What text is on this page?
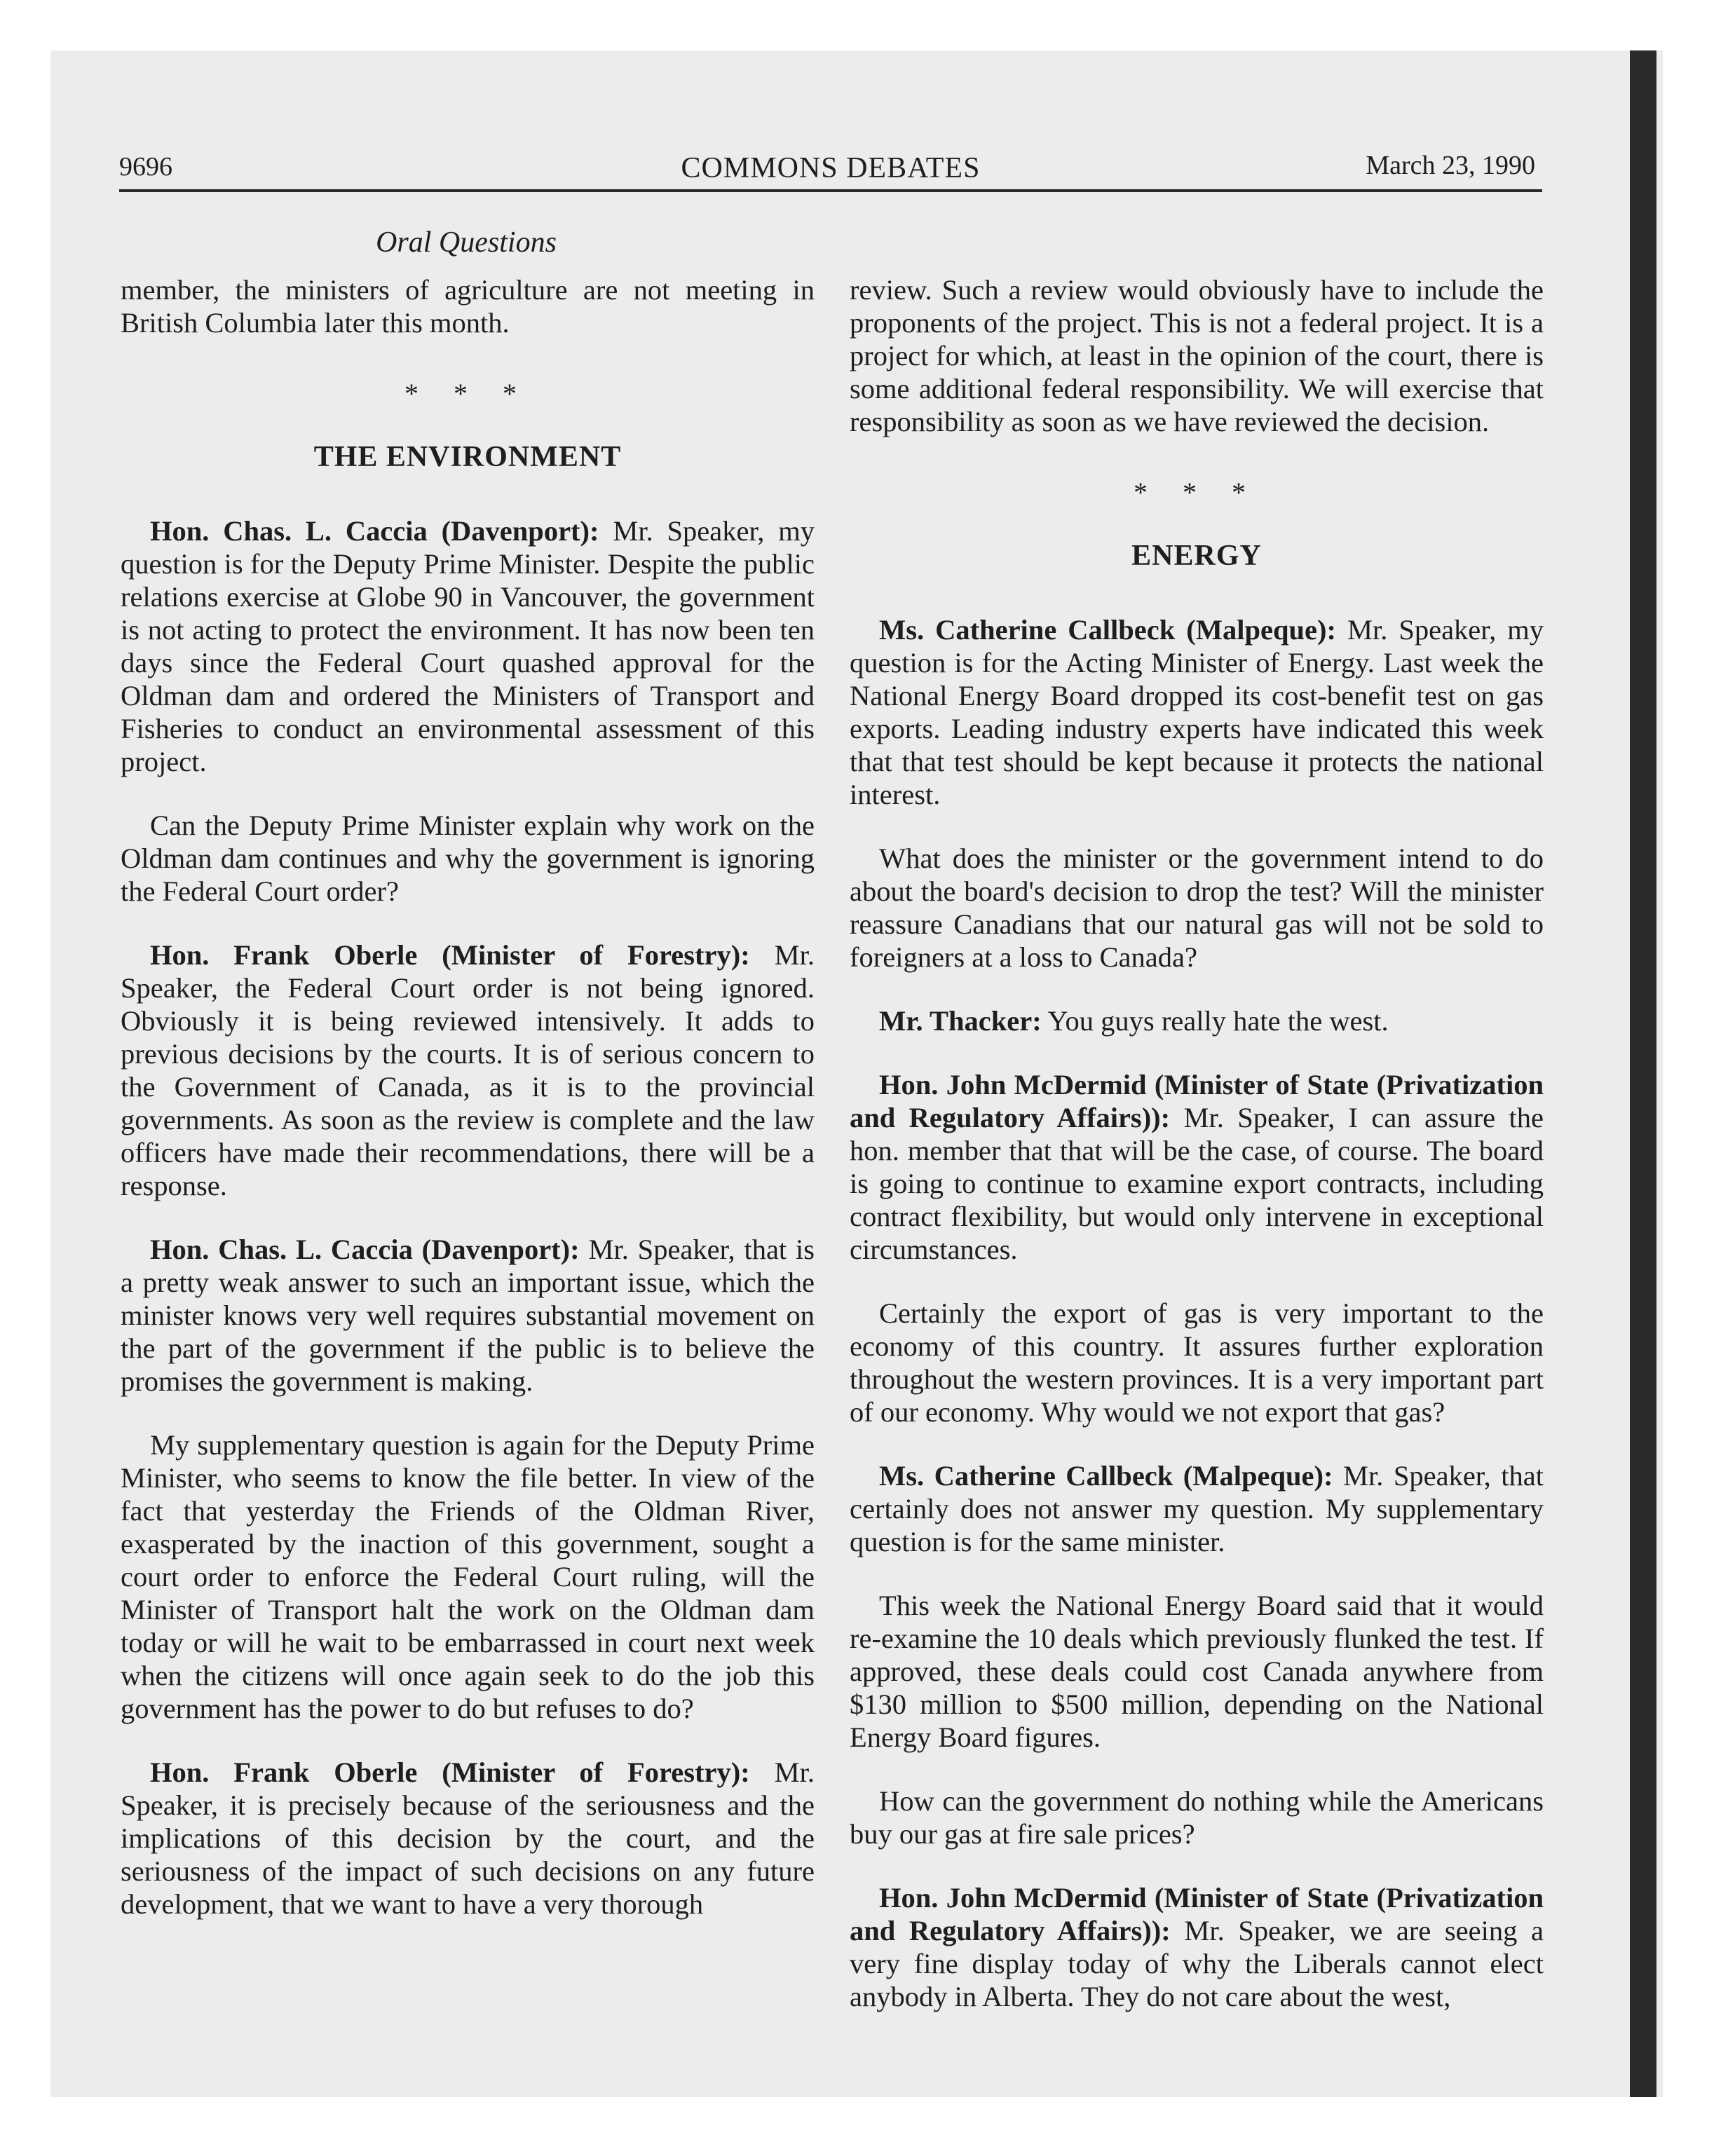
9696	COMMONS DEBATES	March 23, 1990
Oral Questions

member, the ministers of agriculture are not meeting in British Columbia later this month.

* * *
THE ENVIRONMENT

Hon. Chas. L. Caccia (Davenport): Mr. Speaker, my question is for the Deputy Prime Minister. Despite the public relations exercise at Globe 90 in Vancouver, the government is not acting to protect the environment. It has now been ten days since the Federal Court quashed approval for the Oldman dam and ordered the Ministers of Transport and Fisheries to conduct an environmental assessment of this project.

Can the Deputy Prime Minister explain why work on the Oldman dam continues and why the government is ignoring the Federal Court order?

Hon. Frank Oberle (Minister of Forestry): Mr. Speaker, the Federal Court order is not being ignored. Obviously it is being reviewed intensively. It adds to previous decisions by the courts. It is of serious concern to the Government of Canada, as it is to the provincial governments. As soon as the review is complete and the law officers have made their recommendations, there will be a response.

Hon. Chas. L. Caccia (Davenport): Mr. Speaker, that is a pretty weak answer to such an important issue, which the minister knows very well requires substantial movement on the part of the government if the public is to believe the promises the government is making.

My supplementary question is again for the Deputy Prime Minister, who seems to know the file better. In view of the fact that yesterday the Friends of the Oldman River, exasperated by the inaction of this government, sought a court order to enforce the Federal Court ruling, will the Minister of Transport halt the work on the Oldman dam today or will he wait to be embarrassed in court next week when the citizens will once again seek to do the job this government has the power to do but refuses to do?

Hon. Frank Oberle (Minister of Forestry): Mr. Speaker, it is precisely because of the seriousness and the implications of this decision by the court, and the seriousness of the impact of such decisions on any future development, that we want to have a very thorough

review. Such a review would obviously have to include the proponents of the project. This is not a federal project. It is a project for which, at least in the opinion of the court, there is some additional federal responsibility. We will exercise that responsibility as soon as we have reviewed the decision.

* * *
ENERGY

Ms. Catherine Callbeck (Malpeque): Mr. Speaker, my question is for the Acting Minister of Energy. Last week the National Energy Board dropped its cost-benefit test on gas exports. Leading industry experts have indicated this week that that test should be kept because it protects the national interest.

What does the minister or the government intend to do about the board's decision to drop the test? Will the minister reassure Canadians that our natural gas will not be sold to foreigners at a loss to Canada?

Mr. Thacker: You guys really hate the west.

Hon. John McDermid (Minister of State (Privatization and Regulatory Affairs)): Mr. Speaker, I can assure the hon. member that that will be the case, of course. The board is going to continue to examine export contracts, including contract flexibility, but would only intervene in exceptional circumstances.

Certainly the export of gas is very important to the economy of this country. It assures further exploration throughout the western provinces. It is a very important part of our economy. Why would we not export that gas?

Ms. Catherine Callbeck (Malpeque): Mr. Speaker, that certainly does not answer my question. My supplementary question is for the same minister.

This week the National Energy Board said that it would re-examine the 10 deals which previously flunked the test. If approved, these deals could cost Canada anywhere from $130 million to $500 million, depending on the National Energy Board figures.

How can the government do nothing while the Americans buy our gas at fire sale prices?

Hon. John McDermid (Minister of State (Privatization and Regulatory Affairs)): Mr. Speaker, we are seeing a very fine display today of why the Liberals cannot elect anybody in Alberta. They do not care about the west,
